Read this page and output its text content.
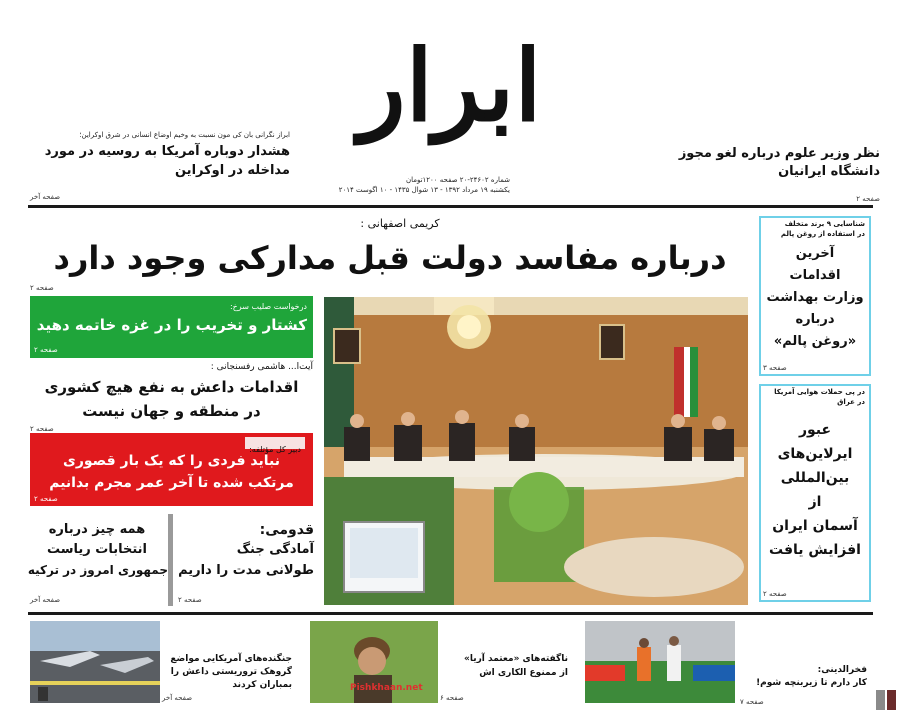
ابرار
شماره ۲۴۶۰۲-۲۰ صفحه ۱۲۰۰تومان
یکشنبه ۱۹ مرداد ۱۳۹۲ - ۱۳ شوال ۱۴۳۵ - ۱۰ اگوست ۲۰۱۴
نظر وزیر علوم درباره لغو مجوز
دانشگاه ایرانیان
صفحه ۲
ابراز نگرانی بان کی مون نسبت به وخیم اوضاع انسانی در شرق اوکراین؛
هشدار دوباره آمریکا به روسیه در مورد
مداخله در اوکراین
صفحه آخر
کریمی اصفهانی :
درباره مفاسد دولت قبل مدارکی وجود دارد
صفحه ۲
درخواست صلیب سرخ:
کشتار و تخریب را در غزه خاتمه دهید
صفحه ۲
آیت‌ا... هاشمی رفسنجانی :
اقدامات داعش به نفع هیچ کشوری
در منطقه و جهان نیست
صفحه ۲
دبیر کل مؤتلفه:
نباید فردی را که یک بار قصوری
مرتکب شده تا آخر عمر مجرم بدانیم
صفحه ۲
قدومی:
آمادگی جنگ
طولانی مدت را داریم
صفحه ۲
همه چیز درباره
انتخابات ریاست
جمهوری امروز در ترکیه
صفحه آخر
شناسایی ۹ برند متخلف
در استفاده از روغن پالم
آخرین
اقدامات
وزارت بهداشت
درباره
«روغن پالم»
صفحه ۳
در پی حملات هوایی آمریکا
در عراق
عبور
ایرلاین‌های
بین‌المللی
از
آسمان ایران
افزایش یافت
صفحه ۲
جنگنده‌های آمریکایی مواضع
گروهک تروریستی داعش را
بمباران کردند
صفحه آخر
Pishkhaan.net
ناگفته‌های «معتمد آریا»
از ممنوع الکاری اش
صفحه ۶
فخرالدینی:
کار دارم تا زیربنچه شوم!
صفحه ۷
